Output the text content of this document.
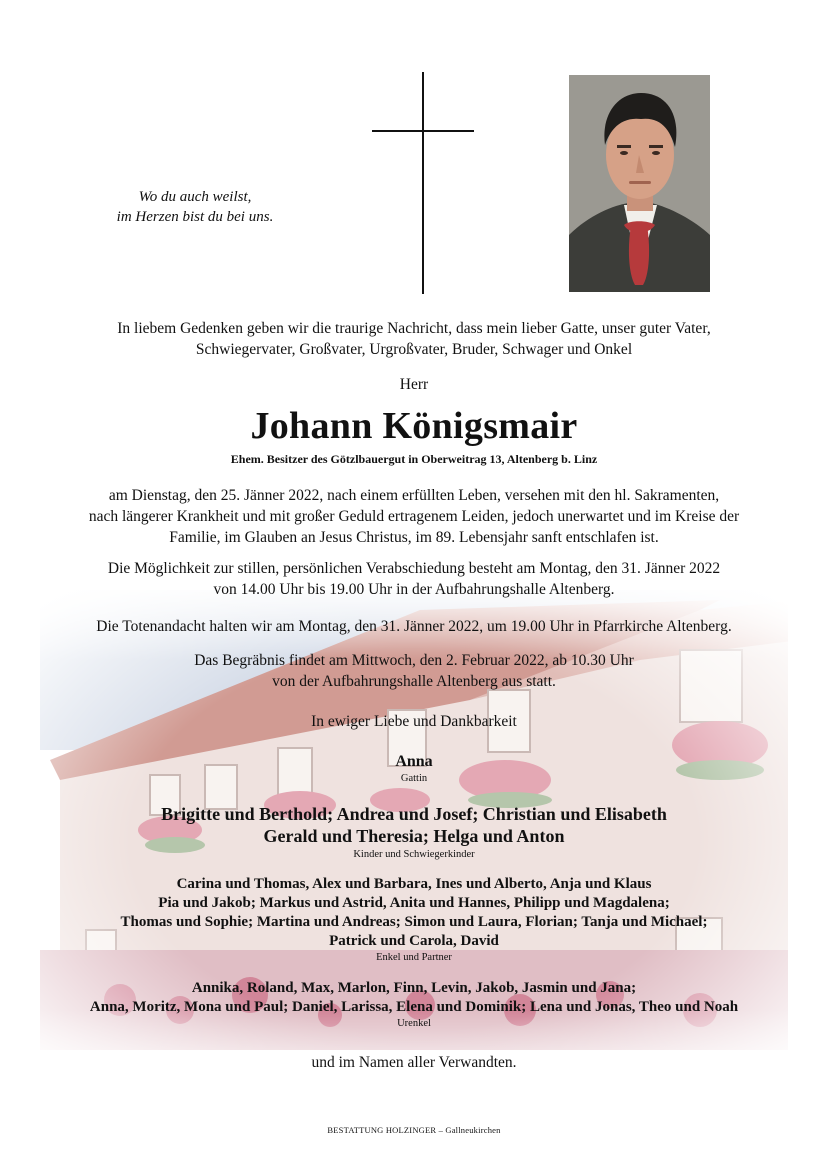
Wo du auch weilst,
im Herzen bist du bei uns.
In liebem Gedenken geben wir die traurige Nachricht, dass mein lieber Gatte, unser guter Vater,
Schwiegervater, Großvater, Urgroßvater, Bruder, Schwager und Onkel
Herr
Johann Königsmair
Ehem. Besitzer des Götzlbauergut in Oberweitrag 13, Altenberg b. Linz
am Dienstag, den 25. Jänner 2022, nach einem erfüllten Leben, versehen mit den hl. Sakramenten,
nach längerer Krankheit und mit großer Geduld ertragenem Leiden, jedoch unerwartet und im Kreise der
Familie, im Glauben an Jesus Christus, im 89. Lebensjahr sanft entschlafen ist.
Die Möglichkeit zur stillen, persönlichen Verabschiedung besteht am Montag, den 31. Jänner 2022
von 14.00 Uhr bis 19.00 Uhr in der Aufbahrungshalle Altenberg.
Die Totenandacht halten wir am Montag, den 31. Jänner 2022, um 19.00 Uhr in Pfarrkirche Altenberg.
Das Begräbnis findet am Mittwoch, den 2. Februar 2022, ab 10.30 Uhr
von der Aufbahrungshalle Altenberg aus statt.
In ewiger Liebe und Dankbarkeit
Anna
Gattin
Brigitte und Berthold; Andrea und Josef; Christian und Elisabeth
Gerald und Theresia; Helga und Anton
Kinder und Schwiegerkinder
Carina und Thomas, Alex und Barbara, Ines und Alberto, Anja und Klaus
Pia und Jakob; Markus und Astrid, Anita und Hannes, Philipp und Magdalena;
Thomas und Sophie; Martina und Andreas; Simon und Laura, Florian; Tanja und Michael;
Patrick und Carola, David
Enkel und Partner
Annika, Roland, Max, Marlon, Finn, Levin, Jakob, Jasmin und Jana;
Anna, Moritz, Mona und Paul; Daniel, Larissa, Elena und Dominik; Lena und Jonas, Theo und Noah
Urenkel
und im Namen aller Verwandten.
BESTATTUNG HOLZINGER – Gallneukirchen
